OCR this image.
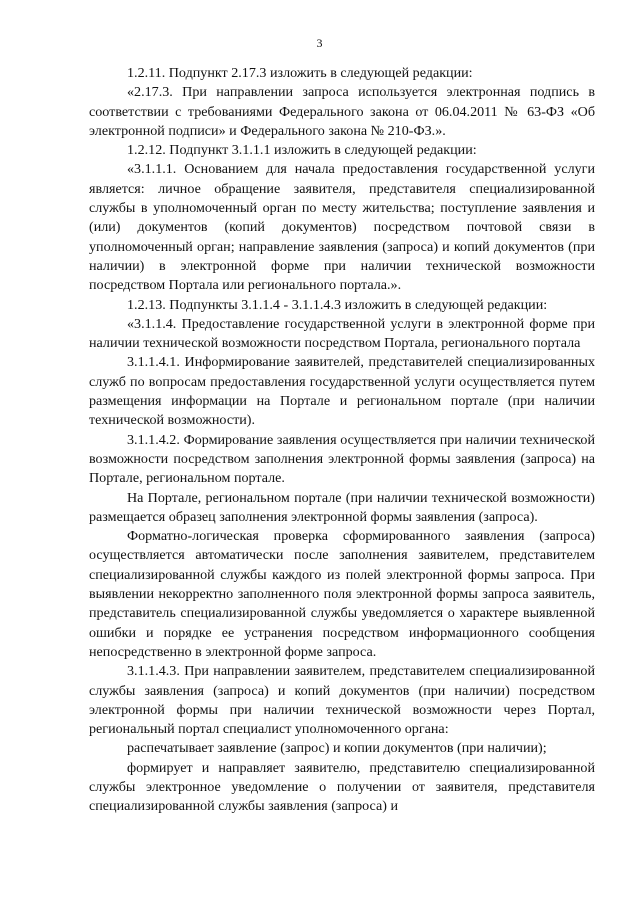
3

1.2.11. Подпункт 2.17.3 изложить в следующей редакции:

«2.17.3. При направлении запроса используется электронная подпись в соответствии с требованиями Федерального закона от 06.04.2011 № 63-ФЗ «Об электронной подписи» и Федерального закона № 210-ФЗ.».

1.2.12. Подпункт 3.1.1.1 изложить в следующей редакции:

«3.1.1.1. Основанием для начала предоставления государственной услуги является: личное обращение заявителя, представителя специализированной службы в уполномоченный орган по месту жительства; поступление заявления и (или) документов (копий документов) посредством почтовой связи в уполномоченный орган; направление заявления (запроса) и копий документов (при наличии) в электронной форме при наличии технической возможности посредством Портала или регионального портала.».

1.2.13. Подпункты 3.1.1.4 - 3.1.1.4.3 изложить в следующей редакции:

«3.1.1.4. Предоставление государственной услуги в электронной форме при наличии технической возможности посредством Портала, регионального портала

3.1.1.4.1. Информирование заявителей, представителей специализированных служб по вопросам предоставления государственной услуги осуществляется путем размещения информации на Портале и региональном портале (при наличии технической возможности).

3.1.1.4.2. Формирование заявления осуществляется при наличии технической возможности посредством заполнения электронной формы заявления (запроса) на Портале, региональном портале.

На Портале, региональном портале (при наличии технической возможности) размещается образец заполнения электронной формы заявления (запроса).

Форматно-логическая проверка сформированного заявления (запроса) осуществляется автоматически после заполнения заявителем, представителем специализированной службы каждого из полей электронной формы запроса. При выявлении некорректно заполненного поля электронной формы запроса заявитель, представитель специализированной службы уведомляется о характере выявленной ошибки и порядке ее устранения посредством информационного сообщения непосредственно в электронной форме запроса.

3.1.1.4.3. При направлении заявителем, представителем специализированной службы заявления (запроса) и копий документов (при наличии) посредством электронной формы при наличии технической возможности через Портал, региональный портал специалист уполномоченного органа:

распечатывает заявление (запрос) и копии документов (при наличии);

формирует и направляет заявителю, представителю специализированной службы электронное уведомление о получении от заявителя, представителя специализированной службы заявления (запроса) и
